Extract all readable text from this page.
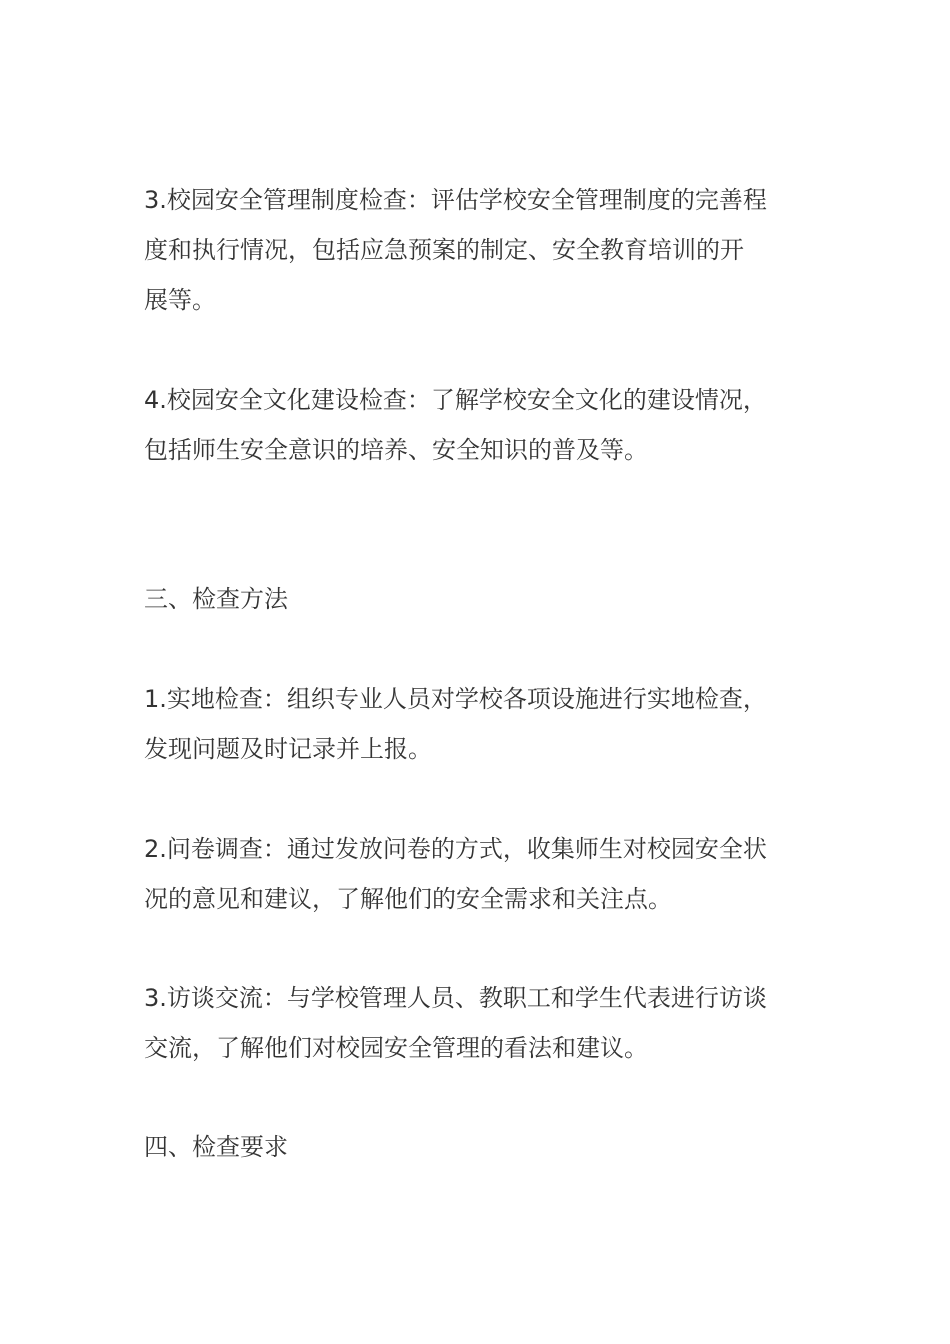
3.校园安全管理制度检查：评估学校安全管理制度的完善程
度和执行情况，包括应急预案的制定、安全教育培训的开
展等。

4.校园安全文化建设检查：了解学校安全文化的建设情况，
包括师生安全意识的培养、安全知识的普及等。

三、检查方法

1.实地检查：组织专业人员对学校各项设施进行实地检查，
发现问题及时记录并上报。

2.问卷调查：通过发放问卷的方式，收集师生对校园安全状
况的意见和建议，了解他们的安全需求和关注点。

3.访谈交流：与学校管理人员、教职工和学生代表进行访谈
交流，了解他们对校园安全管理的看法和建议。

四、检查要求
